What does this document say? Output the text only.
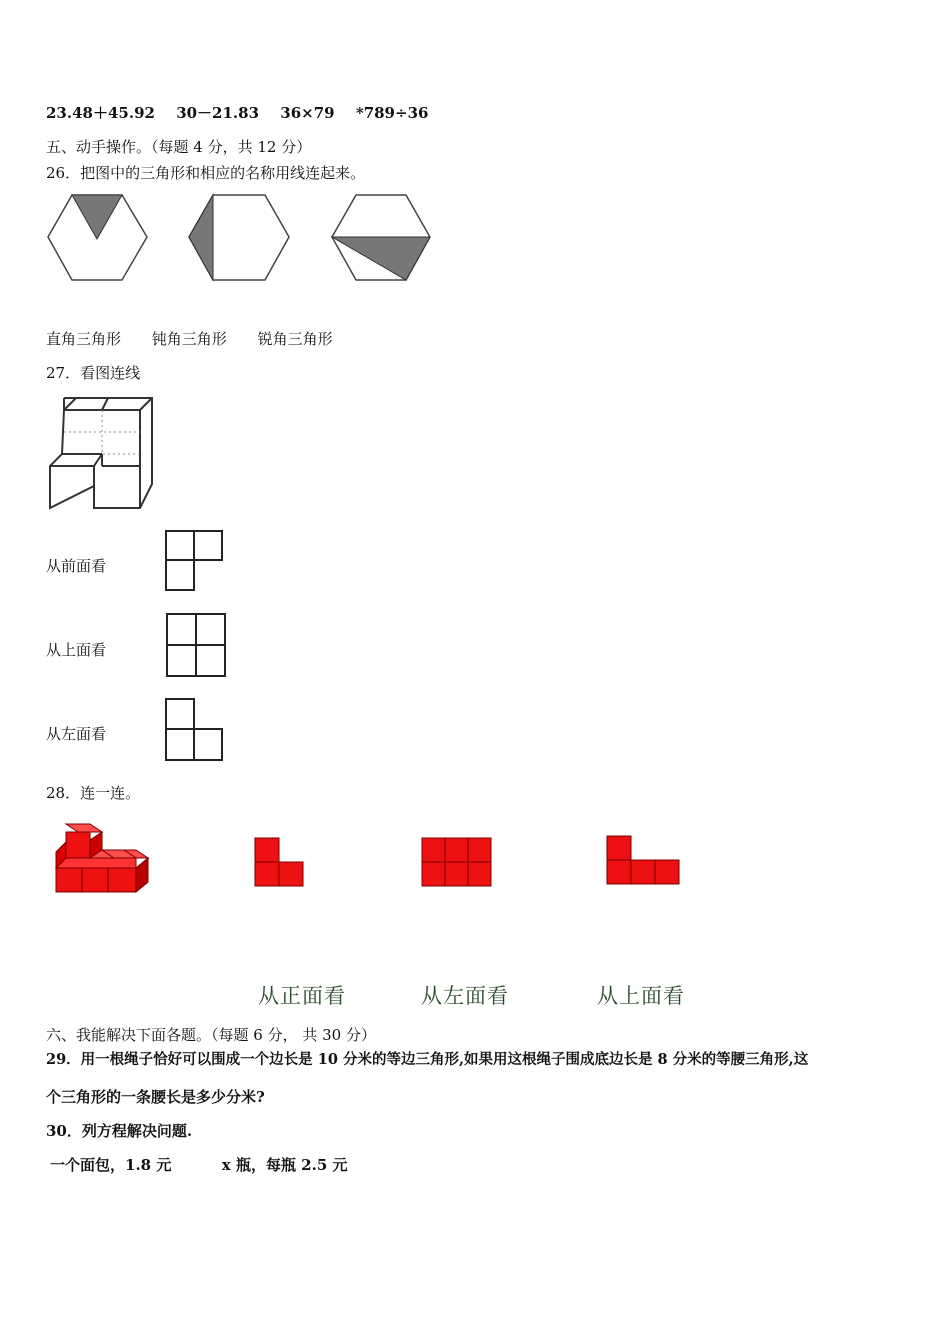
23.48＋45.92 30－21.83 36×79 *789÷36
五、动手操作。（每题 4 分，共 12 分）
26．把图中的三角形和相应的名称用线连起来。
直角三角形 钝角三角形 锐角三角形
27．看图连线
从前面看
从上面看
从左面看
28．连一连。
从正面看	从左面看	从上面看
六、我能解决下面各题。（每题 6 分， 共 30 分）
29．用一根绳子恰好可以围成一个边长是 10 分米的等边三角形,如果用这根绳子围成底边长是 8 分米的等腰三角形,这
个三角形的一条腰长是多少分米?
30．列方程解决问题.
一个面包，1.8 元	x 瓶，每瓶 2.5 元
